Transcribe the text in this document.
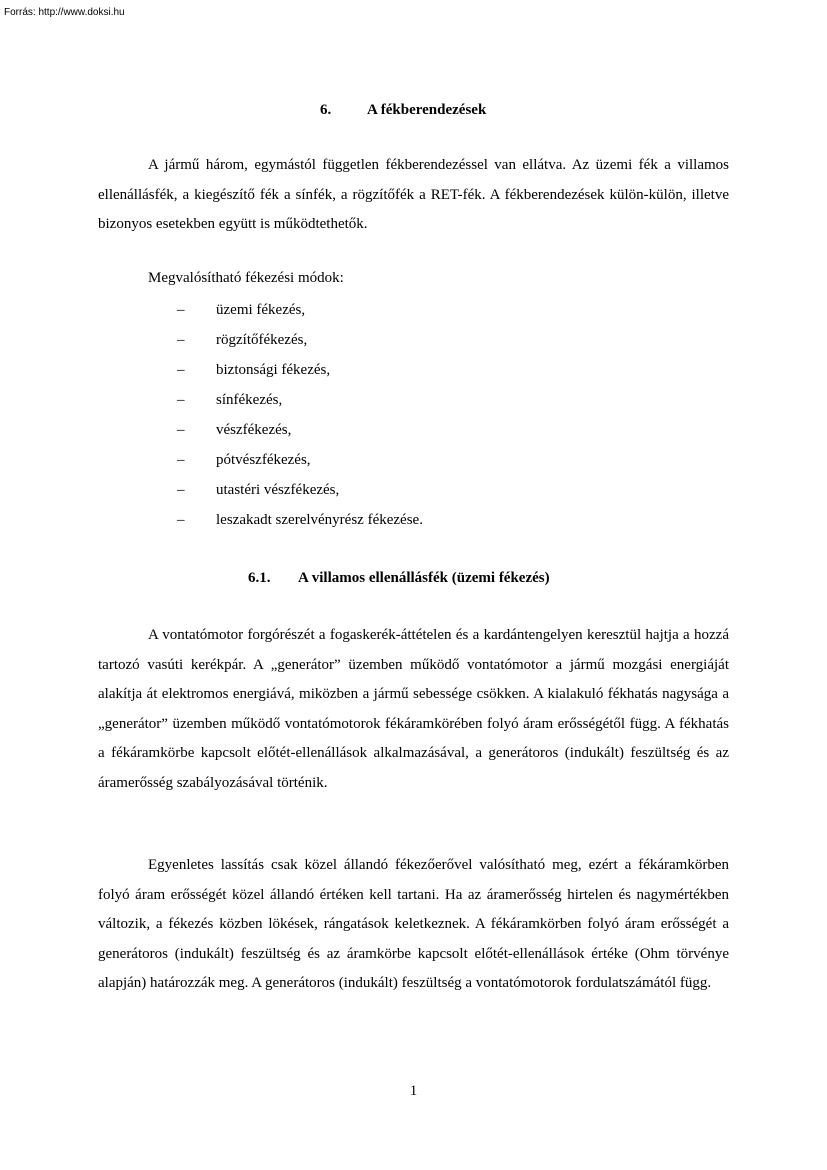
Forrás: http://www.doksi.hu
6. A fékberendezések

A jármű három, egymástól független fékberendezéssel van ellátva. Az üzemi fék a villamos ellenállásfék, a kiegészítő fék a sínfék, a rögzítőfék a RET-fék. A fékberendezések külön-külön, illetve bizonyos esetekben együtt is működtethetők.

Megvalósítható fékezési módok:
– üzemi fékezés,
– rögzítőfékezés,
– biztonsági fékezés,
– sínfékezés,
– vészfékezés,
– pótvészfékezés,
– utastéri vészfékezés,
– leszakadt szerelvényrész fékezése.
6.1. A villamos ellenállásfék (üzemi fékezés)

A vontatómotor forgórészét a fogaskerék-áttételen és a kardántengelyen keresztül hajtja a hozzá tartozó vasúti kerékpár. A „generátor” üzemben működő vontatómotor a jármű mozgási energiáját alakítja át elektromos energiává, miközben a jármű sebessége csökken. A kialakuló fékhatás nagysága a „generátor” üzemben működő vontatómotorok fékáramkörében folyó áram erősségétől függ. A fékhatás a fékáramkörbe kapcsolt előtét-ellenállások alkalmazásával, a generátoros (indukált) feszültség és az áramerősség szabályozásával történik.

Egyenletes lassítás csak közel állandó fékezőerővel valósítható meg, ezért a fékáramkörben folyó áram erősségét közel állandó értéken kell tartani. Ha az áramerősség hirtelen és nagymértékben változik, a fékezés közben lökések, rángatások keletkeznek. A fékáramkörben folyó áram erősségét a generátoros (indukált) feszültség és az áramkörbe kapcsolt előtét-ellenállások értéke (Ohm törvénye alapján) határozzák meg. A generátoros (indukált) feszültség a vontatómotorok fordulatszámától függ.

1
